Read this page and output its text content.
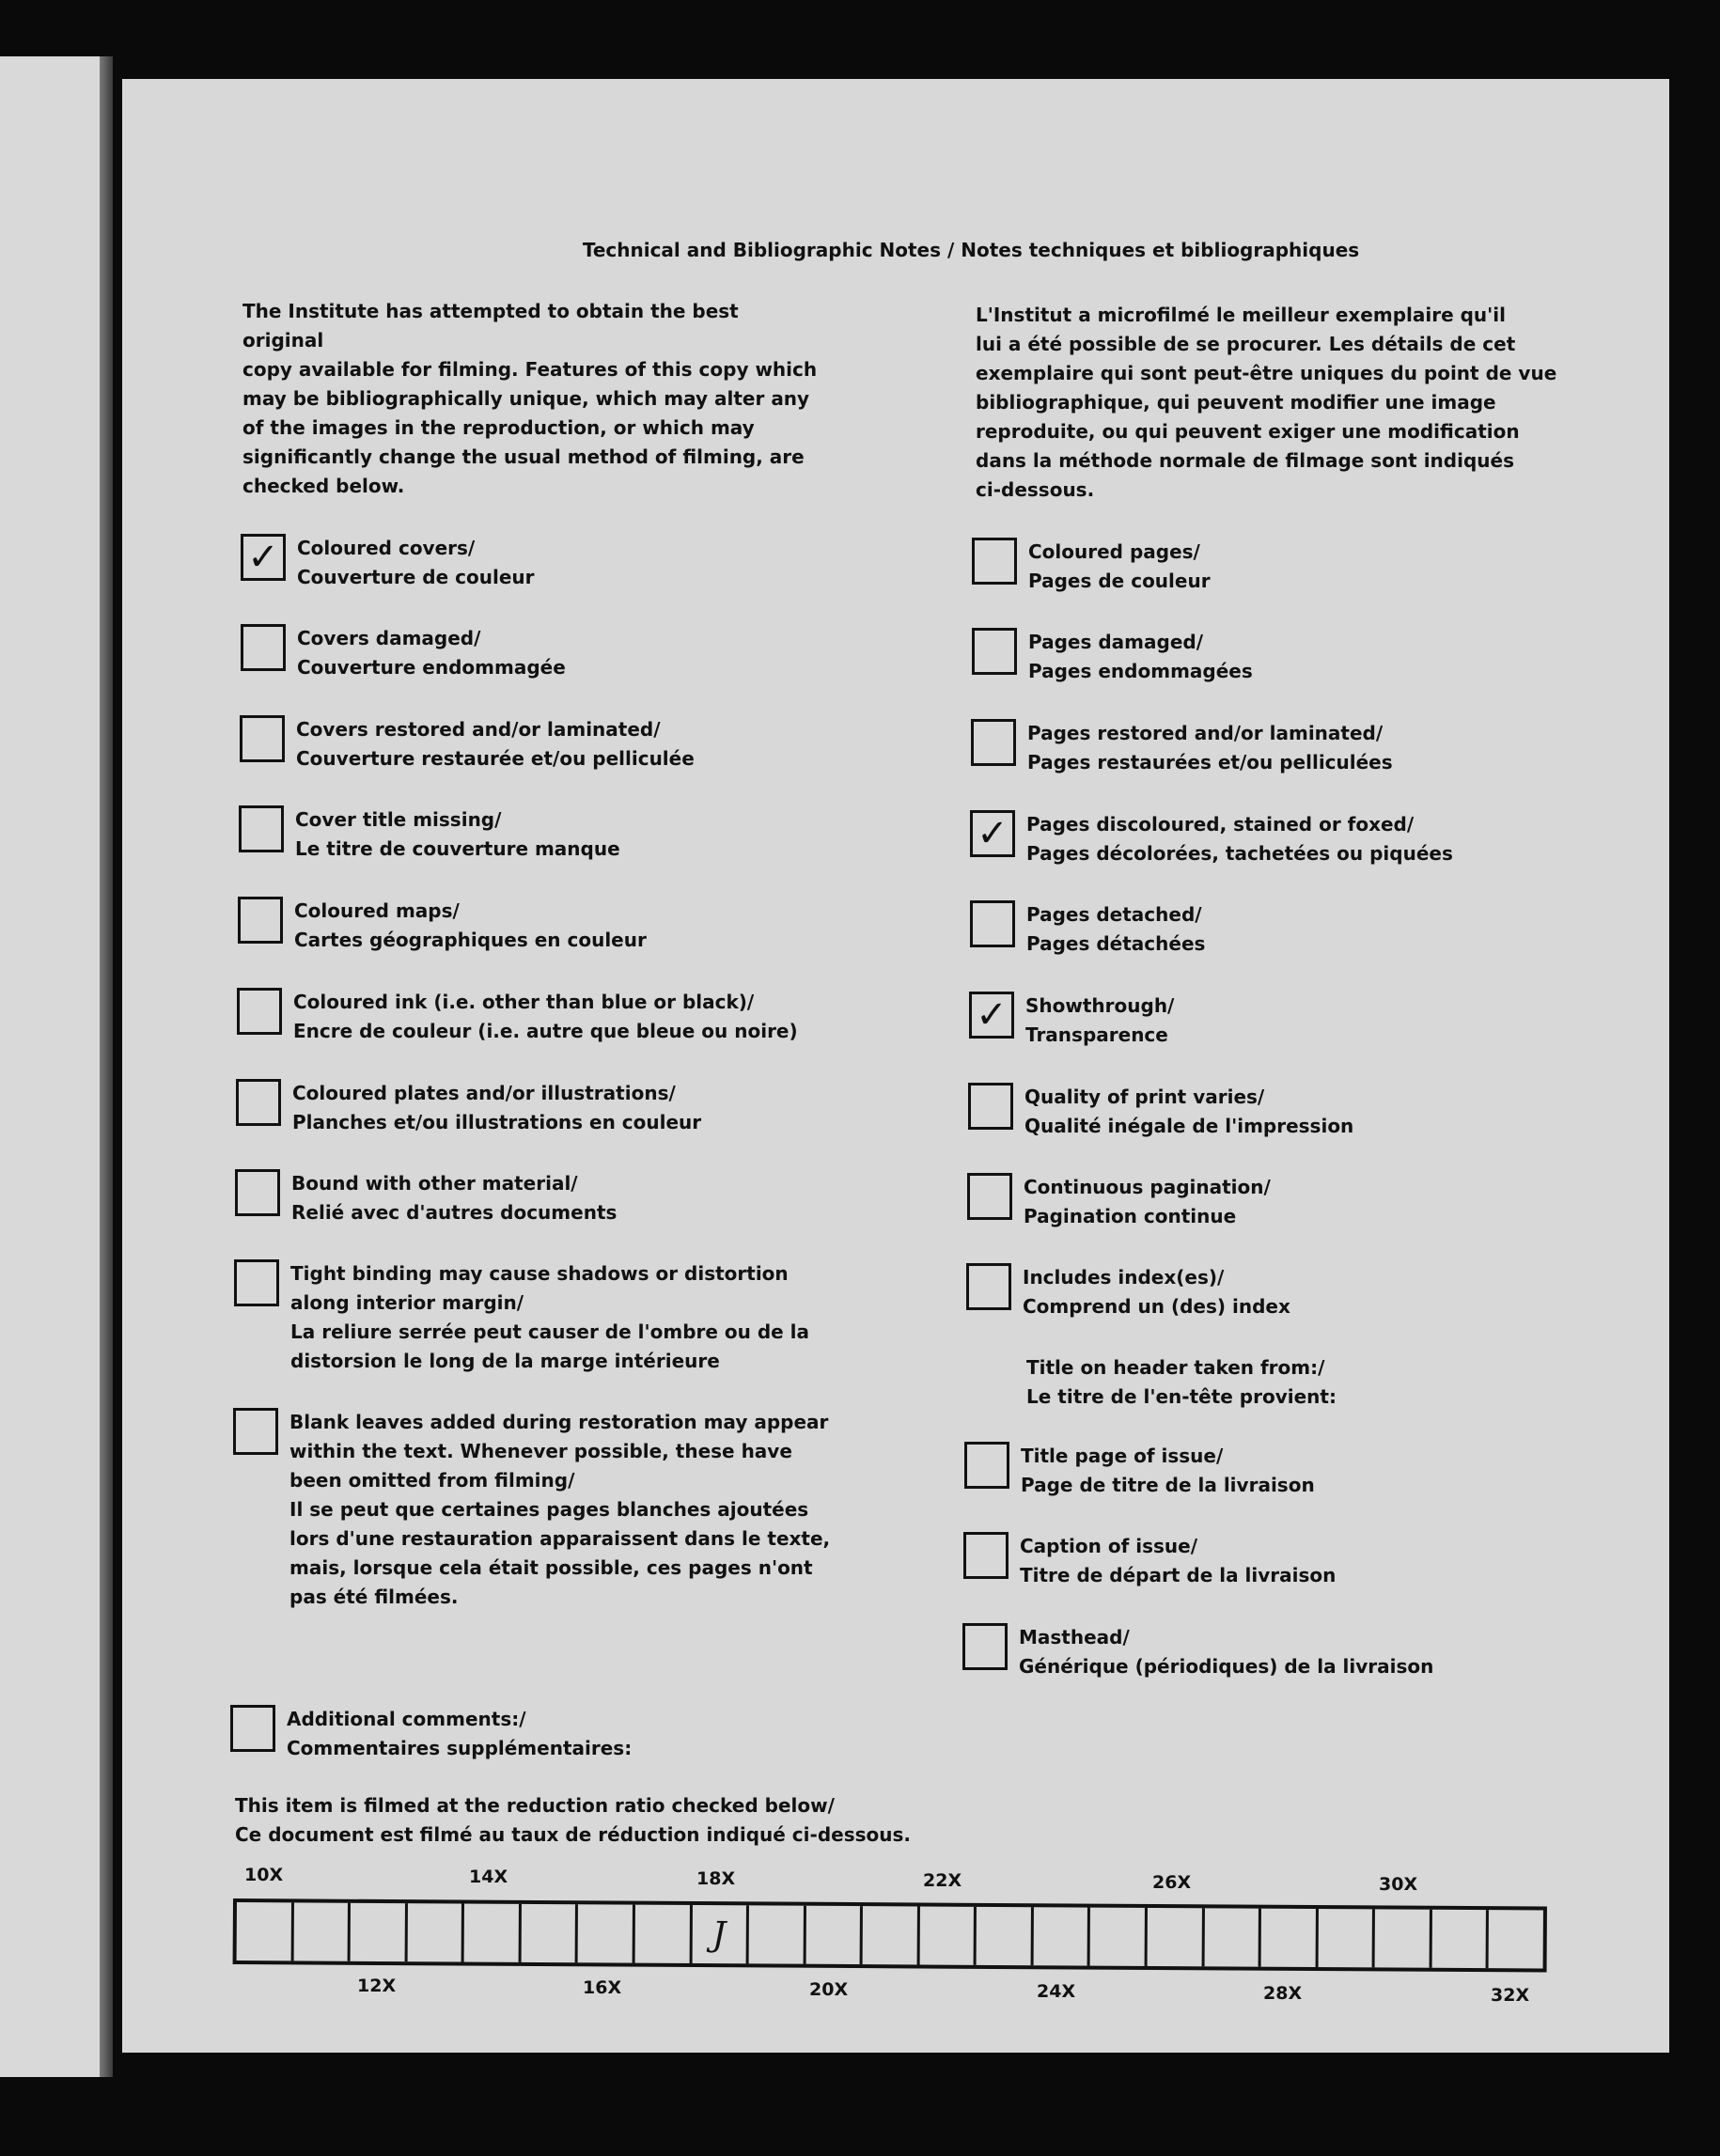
Technical and Bibliographic Notes / Notes techniques et bibliographiques
The Institute has attempted to obtain the best original
copy available for filming. Features of this copy which
may be bibliographically unique, which may alter any
of the images in the reproduction, or which may
significantly change the usual method of filming, are
checked below.
L'Institut a microfilmé le meilleur exemplaire qu'il
lui a été possible de se procurer. Les détails de cet
exemplaire qui sont peut-être uniques du point de vue
bibliographique, qui peuvent modifier une image
reproduite, ou qui peuvent exiger une modification
dans la méthode normale de filmage sont indiqués
ci-dessous.
✓ Coloured covers/
Couverture de couleur
Covers damaged/
Couverture endommagée
Covers restored and/or laminated/
Couverture restaurée et/ou pelliculée
Cover title missing/
Le titre de couverture manque
Coloured maps/
Cartes géographiques en couleur
Coloured ink (i.e. other than blue or black)/
Encre de couleur (i.e. autre que bleue ou noire)
Coloured plates and/or illustrations/
Planches et/ou illustrations en couleur
Bound with other material/
Relié avec d'autres documents
Tight binding may cause shadows or distortion
along interior margin/
La reliure serrée peut causer de l'ombre ou de la
distorsion le long de la marge intérieure
Blank leaves added during restoration may appear
within the text. Whenever possible, these have
been omitted from filming/
Il se peut que certaines pages blanches ajoutées
lors d'une restauration apparaissent dans le texte,
mais, lorsque cela était possible, ces pages n'ont
pas été filmées.
Additional comments:/
Commentaires supplémentaires:
Coloured pages/
Pages de couleur
Pages damaged/
Pages endommagées
Pages restored and/or laminated/
Pages restaurées et/ou pelliculées
✓ Pages discoloured, stained or foxed/
Pages décolorées, tachetées ou piquées
Pages detached/
Pages détachées
✓ Showthrough/
Transparence
Quality of print varies/
Qualité inégale de l'impression
Continuous pagination/
Pagination continue
Includes index(es)/
Comprend un (des) index
Title on header taken from:/
Le titre de l'en-tête provient:
Title page of issue/
Page de titre de la livraison
Caption of issue/
Titre de départ de la livraison
Masthead/
Générique (périodiques) de la livraison
This item is filmed at the reduction ratio checked below/
Ce document est filmé au taux de réduction indiqué ci-dessous.
10X	14X	18X	22X	26X	30X
J
12X	16X	20X	24X	28X	32X
